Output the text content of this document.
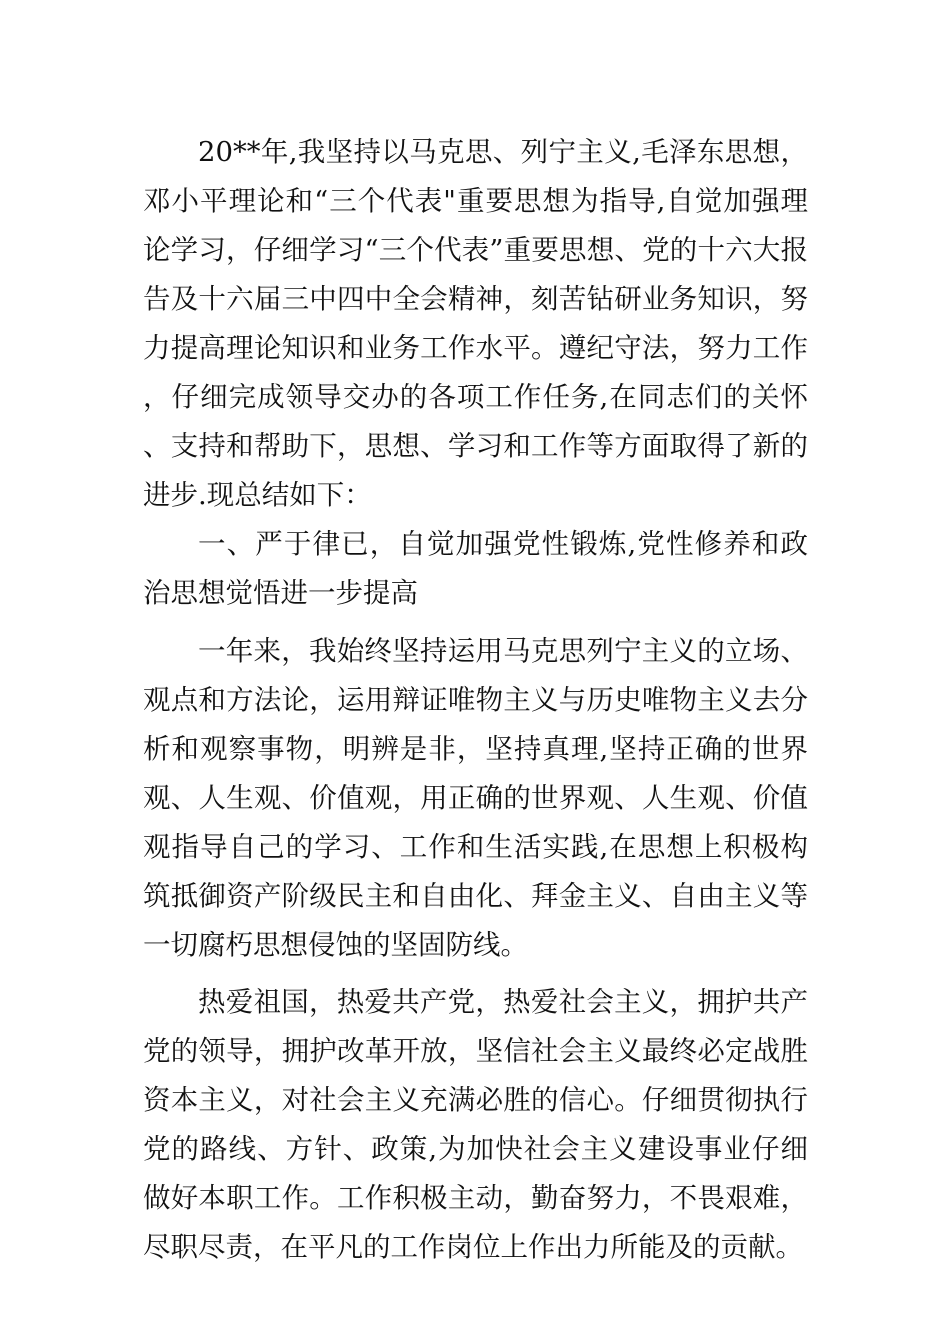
20**年,我坚持以马克思、列宁主义,毛泽东思想，邓小平理论和“三个代表"重要思想为指导,自觉加强理论学习，仔细学习“三个代表”重要思想、党的十六大报告及十六届三中四中全会精神，刻苦钻研业务知识，努力提高理论知识和业务工作水平。遵纪守法，努力工作，仔细完成领导交办的各项工作任务,在同志们的关怀、支持和帮助下，思想、学习和工作等方面取得了新的进步.现总结如下：

一、严于律已，自觉加强党性锻炼,党性修养和政治思想觉悟进一步提高

一年来，我始终坚持运用马克思列宁主义的立场、观点和方法论，运用辩证唯物主义与历史唯物主义去分析和观察事物，明辨是非，坚持真理,坚持正确的世界观、人生观、价值观，用正确的世界观、人生观、价值观指导自己的学习、工作和生活实践,在思想上积极构筑抵御资产阶级民主和自由化、拜金主义、自由主义等一切腐朽思想侵蚀的坚固防线。

热爱祖国，热爱共产党，热爱社会主义，拥护共产党的领导，拥护改革开放，坚信社会主义最终必定战胜资本主义，对社会主义充满必胜的信心。仔细贯彻执行党的路线、方针、政策,为加快社会主义建设事业仔细做好本职工作。工作积极主动，勤奋努力，不畏艰难，尽职尽责，在平凡的工作岗位上作出力所能及的贡献。
